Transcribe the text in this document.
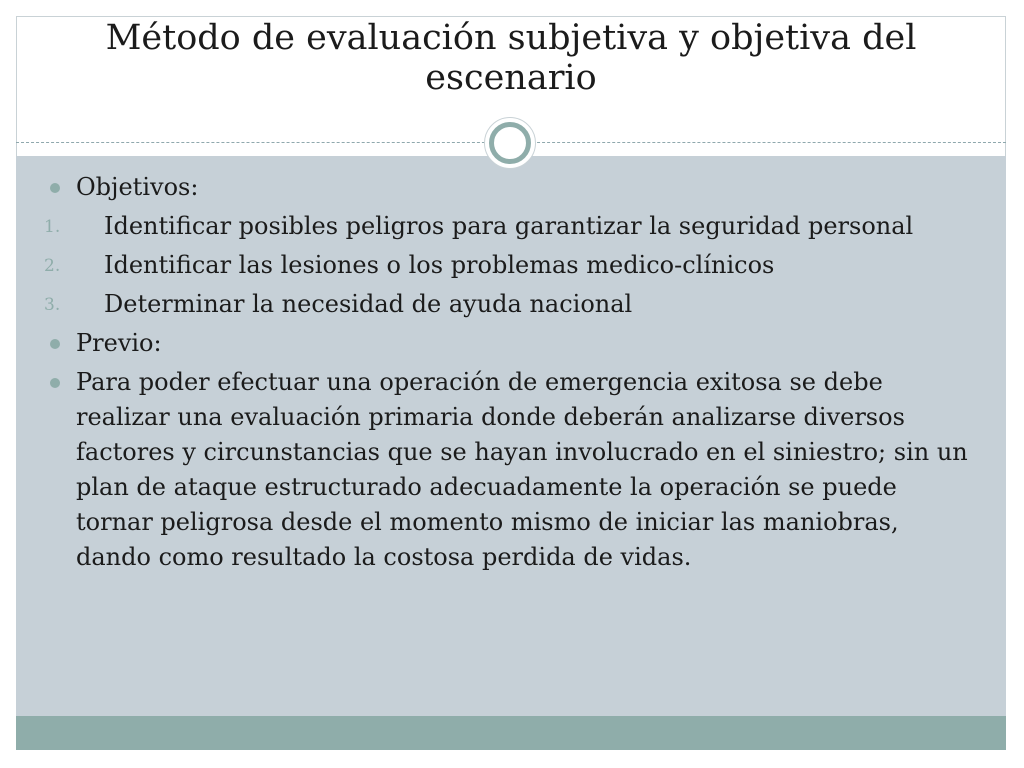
Método de evaluación subjetiva y objetiva del escenario
Objetivos:
1.	Identificar posibles peligros para garantizar la seguridad personal
2.	Identificar las lesiones o los problemas medico-clínicos
3.	Determinar la necesidad de ayuda nacional
Previo:
Para poder efectuar una operación de emergencia exitosa se debe realizar una evaluación primaria donde deberán analizarse diversos factores y circunstancias que se hayan involucrado en el siniestro; sin un plan de ataque estructurado adecuadamente la operación se puede tornar peligrosa desde el momento mismo de iniciar las maniobras, dando como resultado la costosa perdida de vidas.
